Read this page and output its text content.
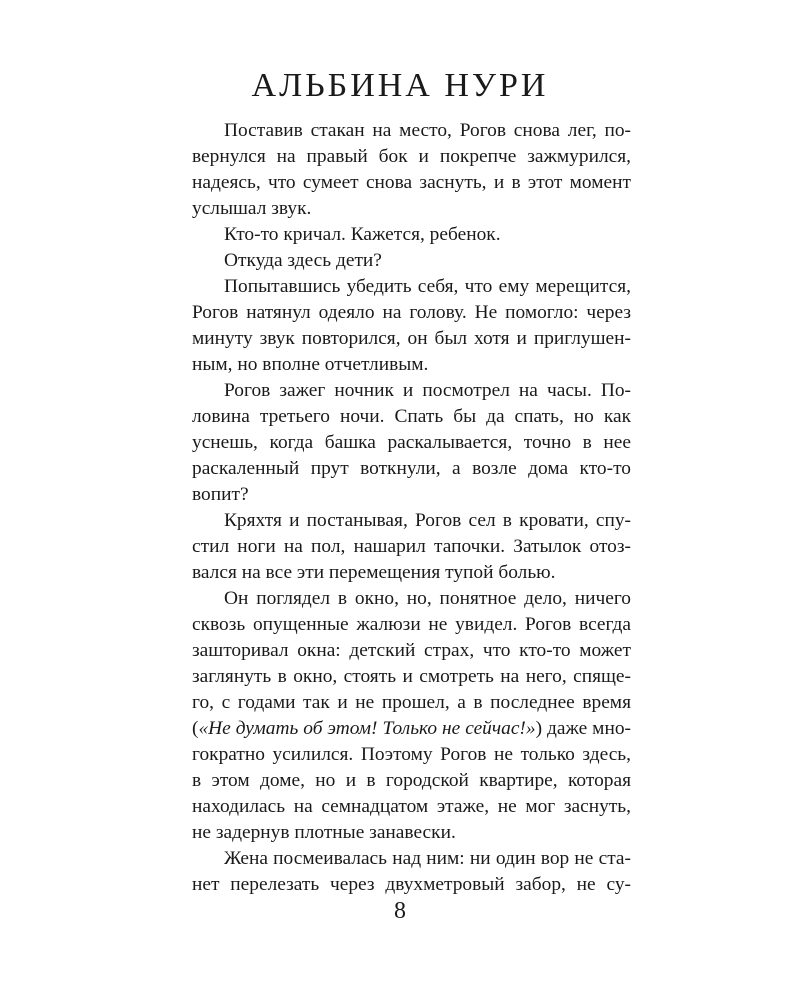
АЛЬБИНА НУРИ
Поставив стакан на место, Рогов снова лег, по-
вернулся на правый бок и покрепче зажмурился,
надеясь, что сумеет снова заснуть, и в этот момент
услышал звук.
Кто-то кричал. Кажется, ребенок.
Откуда здесь дети?
Попытавшись убедить себя, что ему мерещится,
Рогов натянул одеяло на голову. Не помогло: через
минуту звук повторился, он был хотя и приглушен-
ным, но вполне отчетливым.
Рогов зажег ночник и посмотрел на часы. По-
ловина третьего ночи. Спать бы да спать, но как
уснешь, когда башка раскалывается, точно в нее
раскаленный прут воткнули, а возле дома кто-то
вопит?
Кряхтя и постанывая, Рогов сел в кровати, спу-
стил ноги на пол, нашарил тапочки. Затылок отоз-
вался на все эти перемещения тупой болью.
Он поглядел в окно, но, понятное дело, ничего
сквозь опущенные жалюзи не увидел. Рогов всегда
зашторивал окна: детский страх, что кто-то может
заглянуть в окно, стоять и смотреть на него, спяще-
го, с годами так и не прошел, а в последнее время
(«Не думать об этом! Только не сейчас!») даже мно-
гократно усилился. Поэтому Рогов не только здесь,
в этом доме, но и в городской квартире, которая
находилась на семнадцатом этаже, не мог заснуть,
не задернув плотные занавески.
Жена посмеивалась над ним: ни один вор не ста-
нет перелезать через двухметровый забор, не су-
8
